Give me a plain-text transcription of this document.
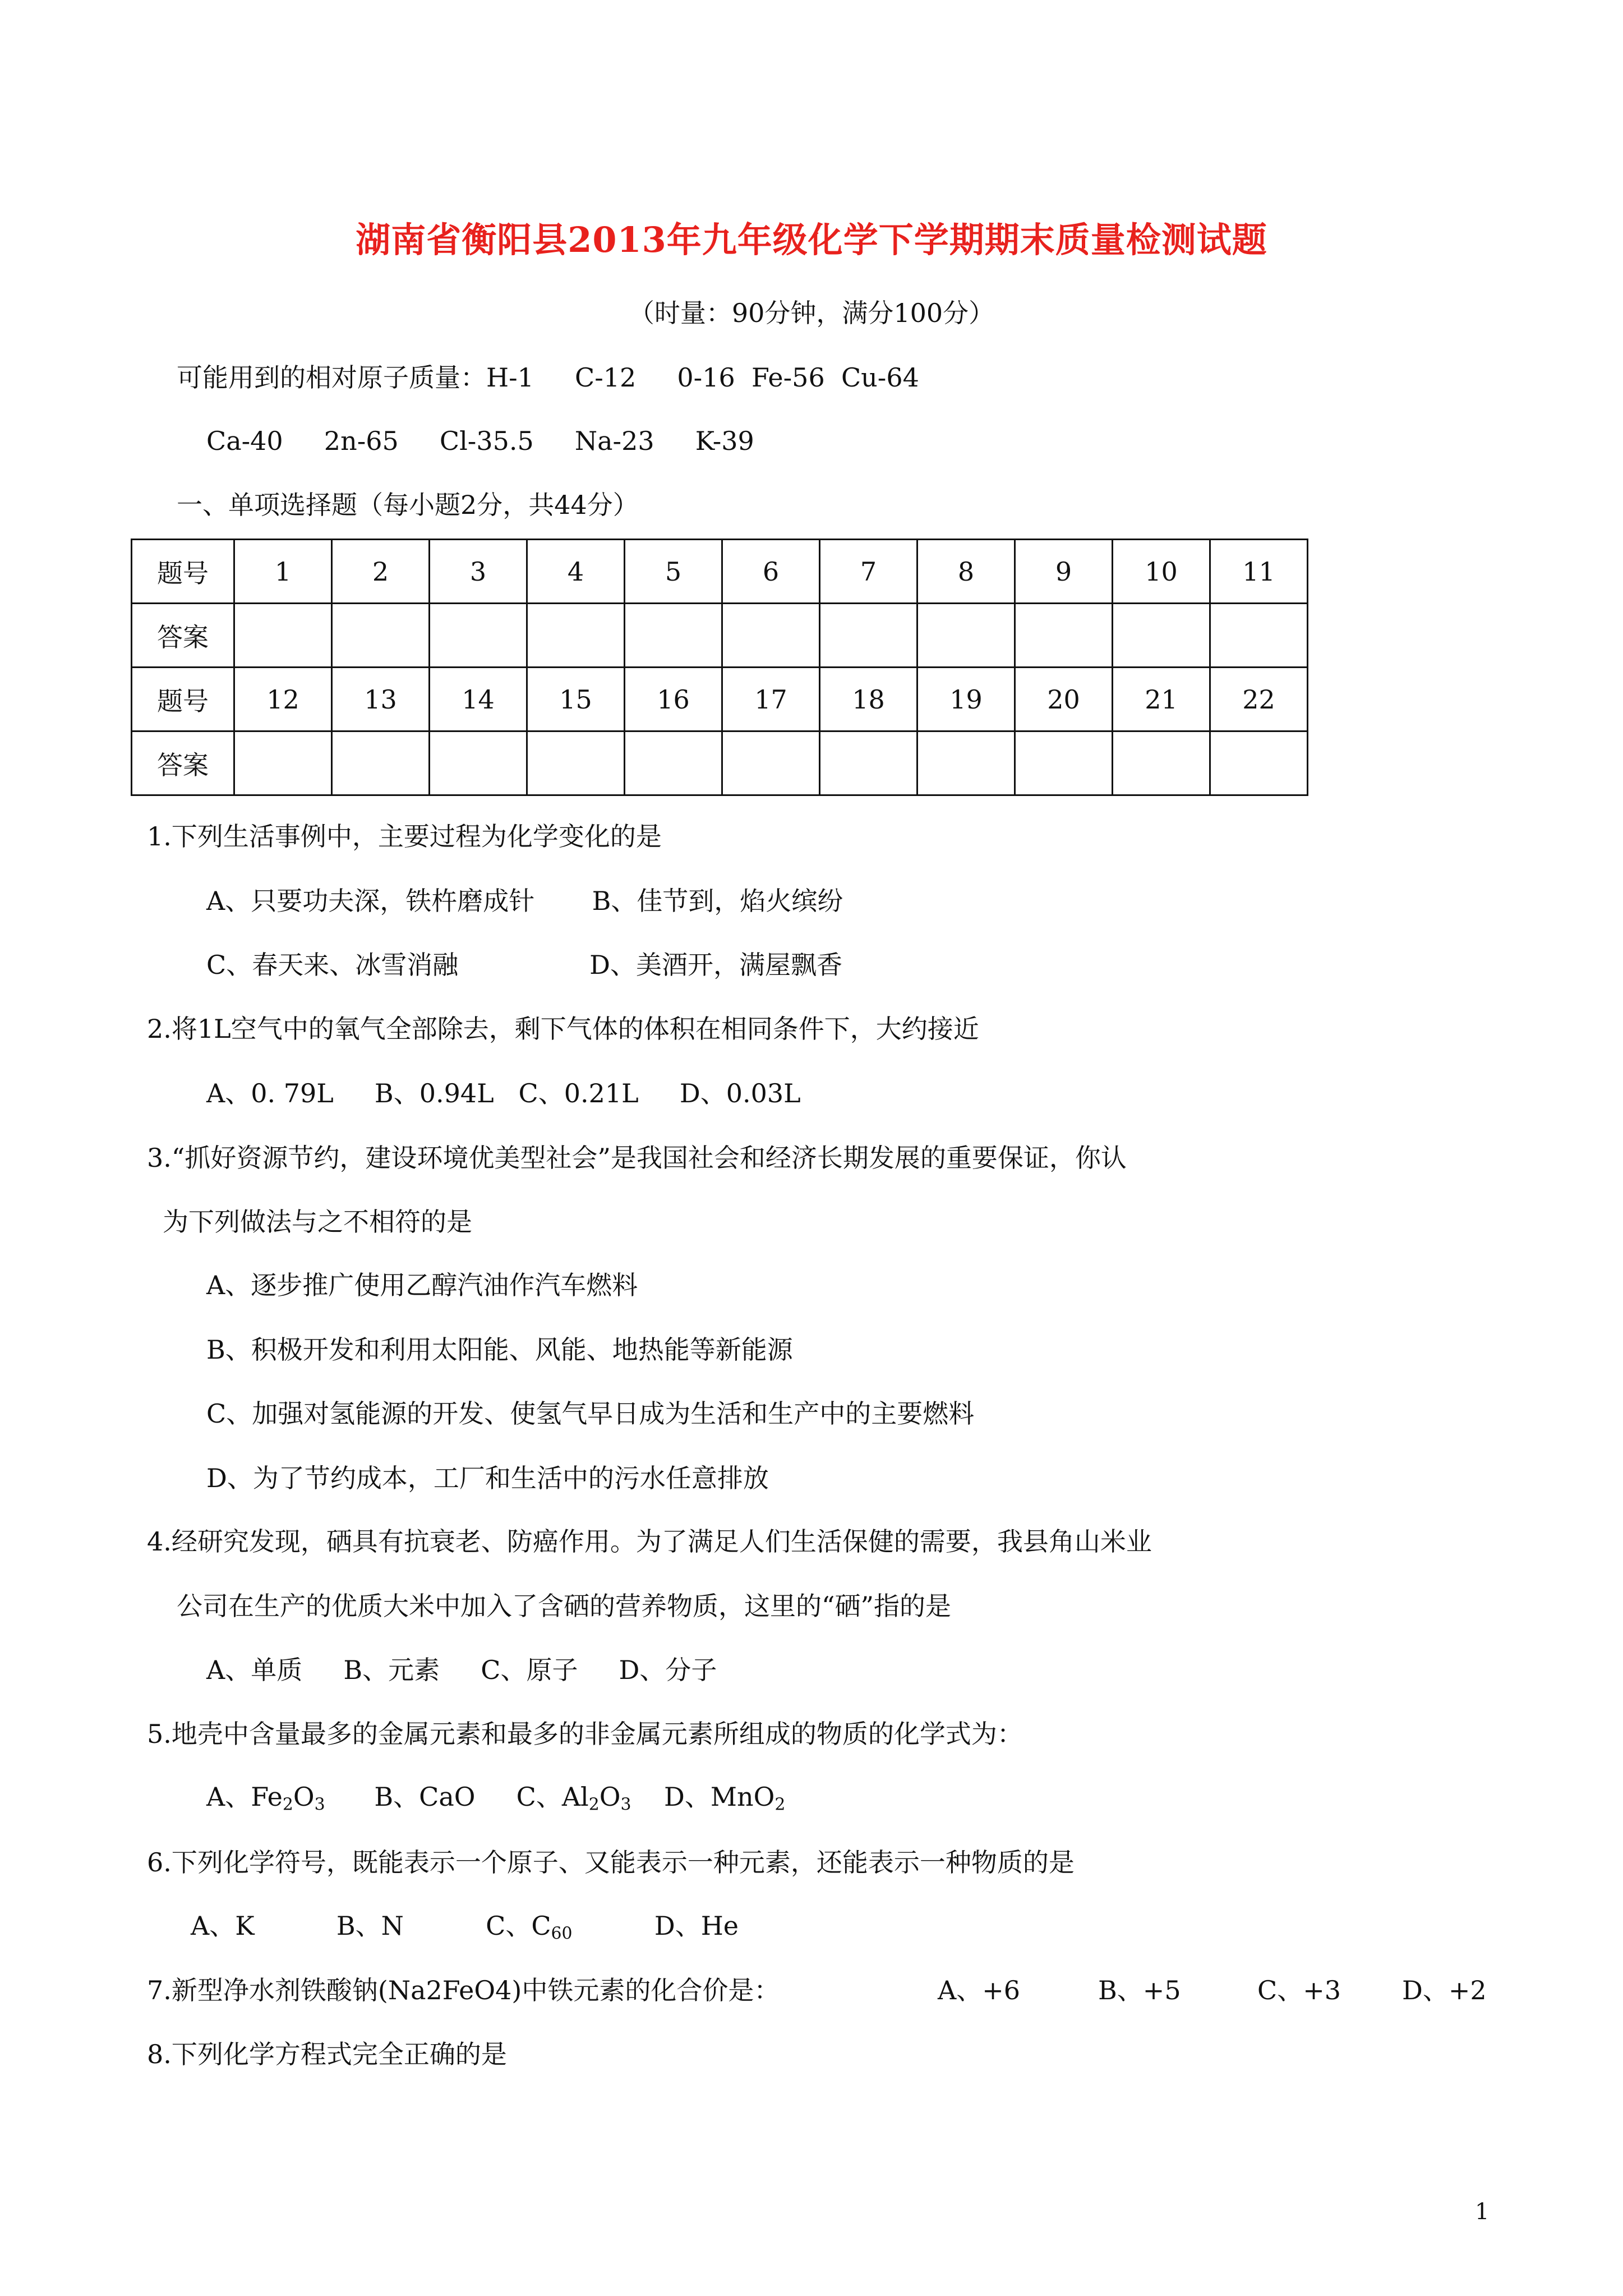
湖南省衡阳县2013年九年级化学下学期期末质量检测试题
（时量：90分钟，满分100分）
可能用到的相对原子质量：H-1     C-12     0-16  Fe-56  Cu-64
Ca-40     2n-65     Cl-35.5     Na-23     K-39
一、单项选择题（每小题2分，共44分）
题号	1	2	3	4	5	6	7	8	9	10	11
答案											
题号	12	13	14	15	16	17	18	19	20	21	22
答案											
1.下列生活事例中，主要过程为化学变化的是
A、只要功夫深，铁杵磨成针       B、佳节到，焰火缤纷
C、春天来、冰雪消融                D、美酒开，满屋飘香
2.将1L空气中的氧气全部除去，剩下气体的体积在相同条件下，大约接近
A、0. 79L     B、0.94L   C、0.21L     D、0.03L
3.“抓好资源节约，建设环境优美型社会”是我国社会和经济长期发展的重要保证，你认
为下列做法与之不相符的是
A、逐步推广使用乙醇汽油作汽车燃料
B、积极开发和利用太阳能、风能、地热能等新能源
C、加强对氢能源的开发、使氢气早日成为生活和生产中的主要燃料
D、为了节约成本，工厂和生活中的污水任意排放
4.经研究发现，硒具有抗衰老、防癌作用。为了满足人们生活保健的需要，我县角山米业
公司在生产的优质大米中加入了含硒的营养物质，这里的“硒”指的是
A、单质     B、元素     C、原子     D、分子
5.地壳中含量最多的金属元素和最多的非金属元素所组成的物质的化学式为：
A、$Fe_2O_3$ B、CaO C、$Al_2O_3$ D、MnO$_2$
6.下列化学符号，既能表示一个原子、又能表示一种元素，还能表示一种物质的是
A、K	B、N	C、$C_{60}$	D、He
7.新型净水剂铁酸钠(Na2FeO4)中铁元素的化合价是：	A、+6	B、+5	C、+3 D、+2
8.下列化学方程式完全正确的是
1
